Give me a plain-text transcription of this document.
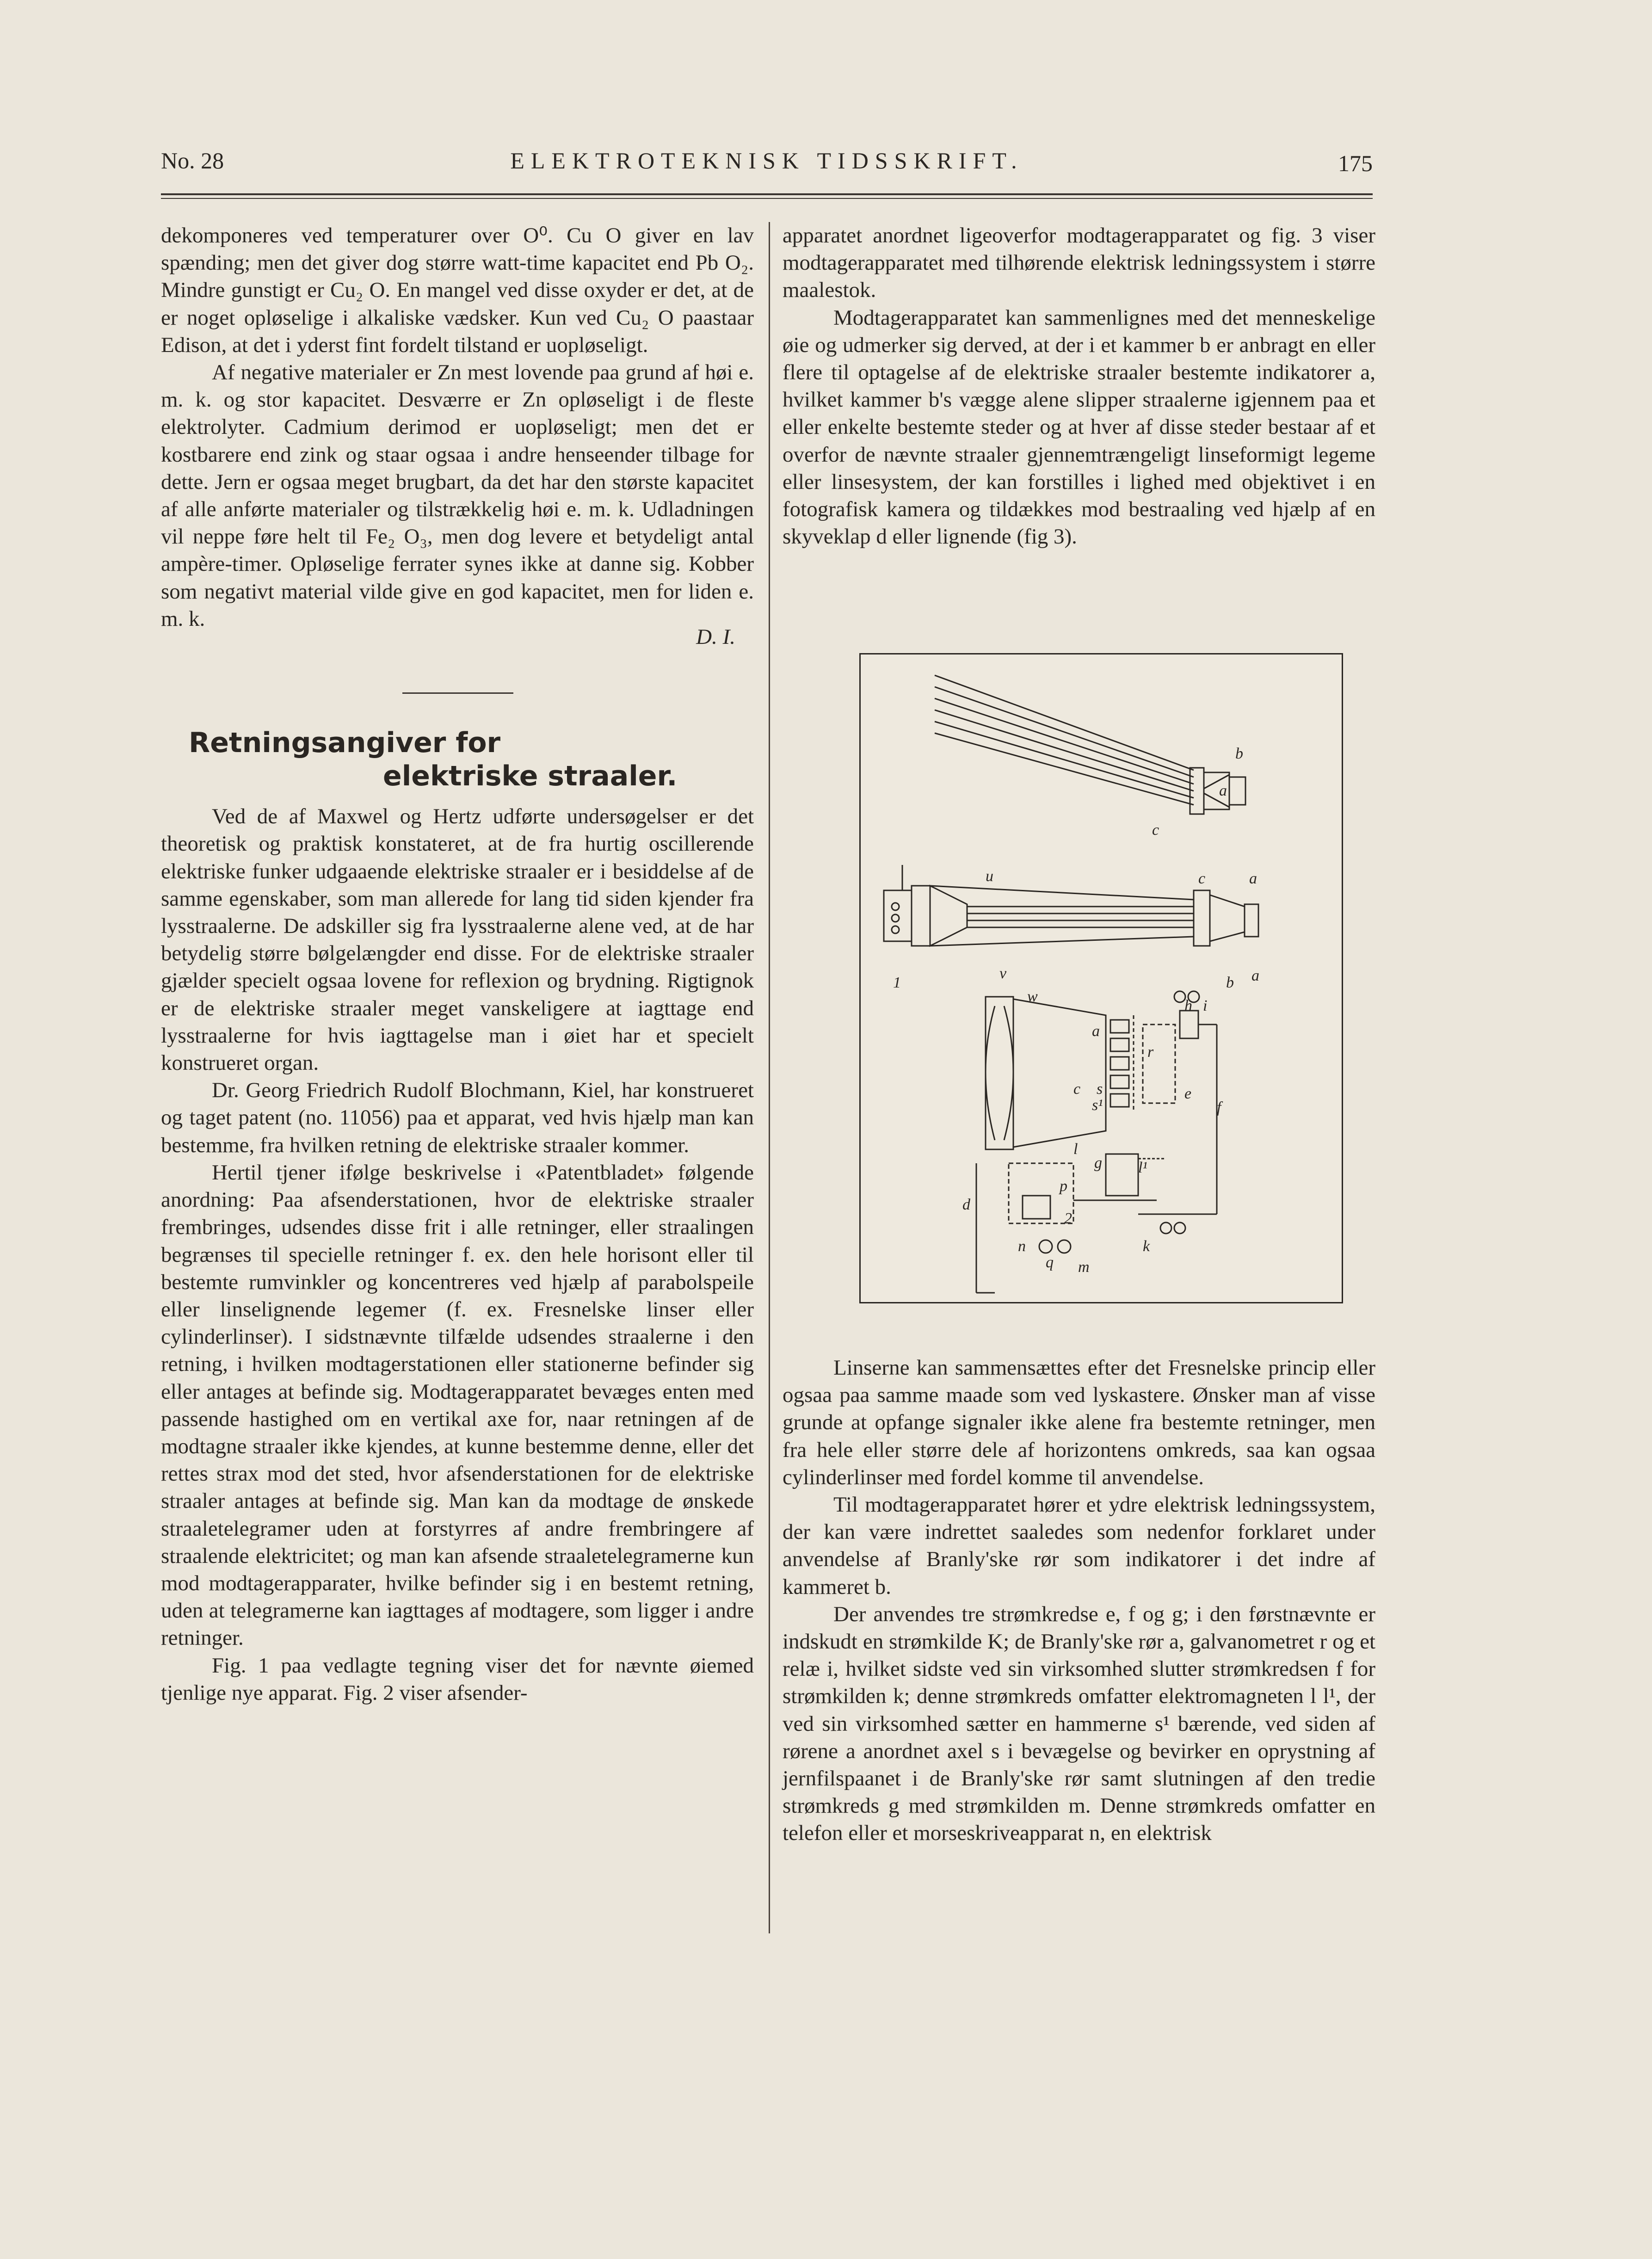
No. 28	ELEKTROTEKNISK TIDSSKRIFT.	175

dekomponeres ved temperaturer over O⁰. Cu O giver en lav spænding; men det giver dog større watt-time kapacitet end Pb O₂. Mindre gunstigt er Cu₂ O. En mangel ved disse oxyder er det, at de er noget opløselige i alkaliske vædsker. Kun ved Cu₂ O paastaar Edison, at det i yderst fint fordelt tilstand er uopløseligt.

Af negative materialer er Zn mest lovende paa grund af høi e. m. k. og stor kapacitet. Desværre er Zn opløseligt i de fleste elektrolyter. Cadmium derimod er uopløseligt; men det er kostbarere end zink og staar ogsaa i andre henseender tilbage for dette. Jern er ogsaa meget brugbart, da det har den største kapacitet af alle anførte materialer og tilstrækkelig høi e. m. k. Udladningen vil neppe føre helt til Fe₂ O₃, men dog levere et betydeligt antal ampère-timer. Opløselige ferrater synes ikke at danne sig. Kobber som negativt material vilde give en god kapacitet, men for liden e. m. k.

D. I.

Retningsangiver for
elektriske straaler.

Ved de af Maxwel og Hertz udførte undersøgelser er det theoretisk og praktisk konstateret, at de fra hurtig oscillerende elektriske funker udgaaende elektriske straaler er i besiddelse af de samme egenskaber, som man allerede for lang tid siden kjender fra lysstraalerne. De adskiller sig fra lysstraalerne alene ved, at de har betydelig større bølgelængder end disse. For de elektriske straaler gjælder specielt ogsaa lovene for reflexion og brydning. Rigtignok er de elektriske straaler meget vanskeligere at iagttage end lysstraalerne for hvis iagttagelse man i øiet har et specielt konstrueret organ.

Dr. Georg Friedrich Rudolf Blochmann, Kiel, har konstrueret og taget patent (no. 11056) paa et apparat, ved hvis hjælp man kan bestemme, fra hvilken retning de elektriske straaler kommer.

Hertil tjener ifølge beskrivelse i «Patentbladet» følgende anordning: Paa afsenderstationen, hvor de elektriske straaler frembringes, udsendes disse frit i alle retninger, eller straalingen begrænses til specielle retninger f. ex. den hele horisont eller til bestemte rumvinkler og koncentreres ved hjælp af parabolspeile eller linselignende legemer (f. ex. Fresnelske linser eller cylinderlinser). I sidstnævnte tilfælde udsendes straalerne i den retning, i hvilken modtagerstationen eller stationerne befinder sig eller antages at befinde sig. Modtagerapparatet bevæges enten med passende hastighed om en vertikal axe for, naar retningen af de modtagne straaler ikke kjendes, at kunne bestemme denne, eller det rettes strax mod det sted, hvor afsenderstationen for de elektriske straaler antages at befinde sig. Man kan da modtage de ønskede straaletelegramer uden at forstyrres af andre frembringere af straalende elektricitet; og man kan afsende straaletelegramerne kun mod modtagerapparater, hvilke befinder sig i en bestemt retning, uden at telegramerne kan iagttages af modtagere, som ligger i andre retninger.

Fig. 1 paa vedlagte tegning viser det for nævnte øiemed tjenlige nye apparat. Fig. 2 viser afsender-

apparatet anordnet ligeoverfor modtagerapparatet og fig. 3 viser modtagerapparatet med tilhørende elektrisk ledningssystem i større maalestok.

Modtagerapparatet kan sammenlignes med det menneskelige øie og udmerker sig derved, at der i et kammer b er anbragt en eller flere til optagelse af de elektriske straaler bestemte indikatorer a, hvilket kammer b's vægge alene slipper straalerne igjennem paa et eller enkelte bestemte steder og at hver af disse steder bestaar af et overfor de nævnte straaler gjennemtrængeligt linseformigt legeme eller linsesystem, der kan forstilles i lighed med objektivet i en fotografisk kamera og tildækkes mod bestraaling ved hjælp af en skyveklap d eller lignende (fig 3).

b
a
c
u	c	a
b a
1
v
w
h i
a
r
c s
s¹
e
f
l
g l¹
p
d
2
k
n
q m

Linserne kan sammensættes efter det Fresnelske princip eller ogsaa paa samme maade som ved lyskastere. Ønsker man af visse grunde at opfange signaler ikke alene fra bestemte retninger, men fra hele eller større dele af horizontens omkreds, saa kan ogsaa cylinderlinser med fordel komme til anvendelse.

Til modtagerapparatet hører et ydre elektrisk ledningssystem, der kan være indrettet saaledes som nedenfor forklaret under anvendelse af Branly'ske rør som indikatorer i det indre af kammeret b.

Der anvendes tre strømkredse e, f og g; i den førstnævnte er indskudt en strømkilde K; de Branly'ske rør a, galvanometret r og et relæ i, hvilket sidste ved sin virksomhed slutter strømkredsen f for strømkilden k; denne strømkreds omfatter elektromagneten l l¹, der ved sin virksomhed sætter en hammerne s¹ bærende, ved siden af rørene a anordnet axel s i bevægelse og bevirker en oprystning af jernfilspaanet i de Branly'ske rør samt slutningen af den tredie strømkreds g med strømkilden m. Denne strømkreds omfatter en telefon eller et morseskriveapparat n, en elektrisk
